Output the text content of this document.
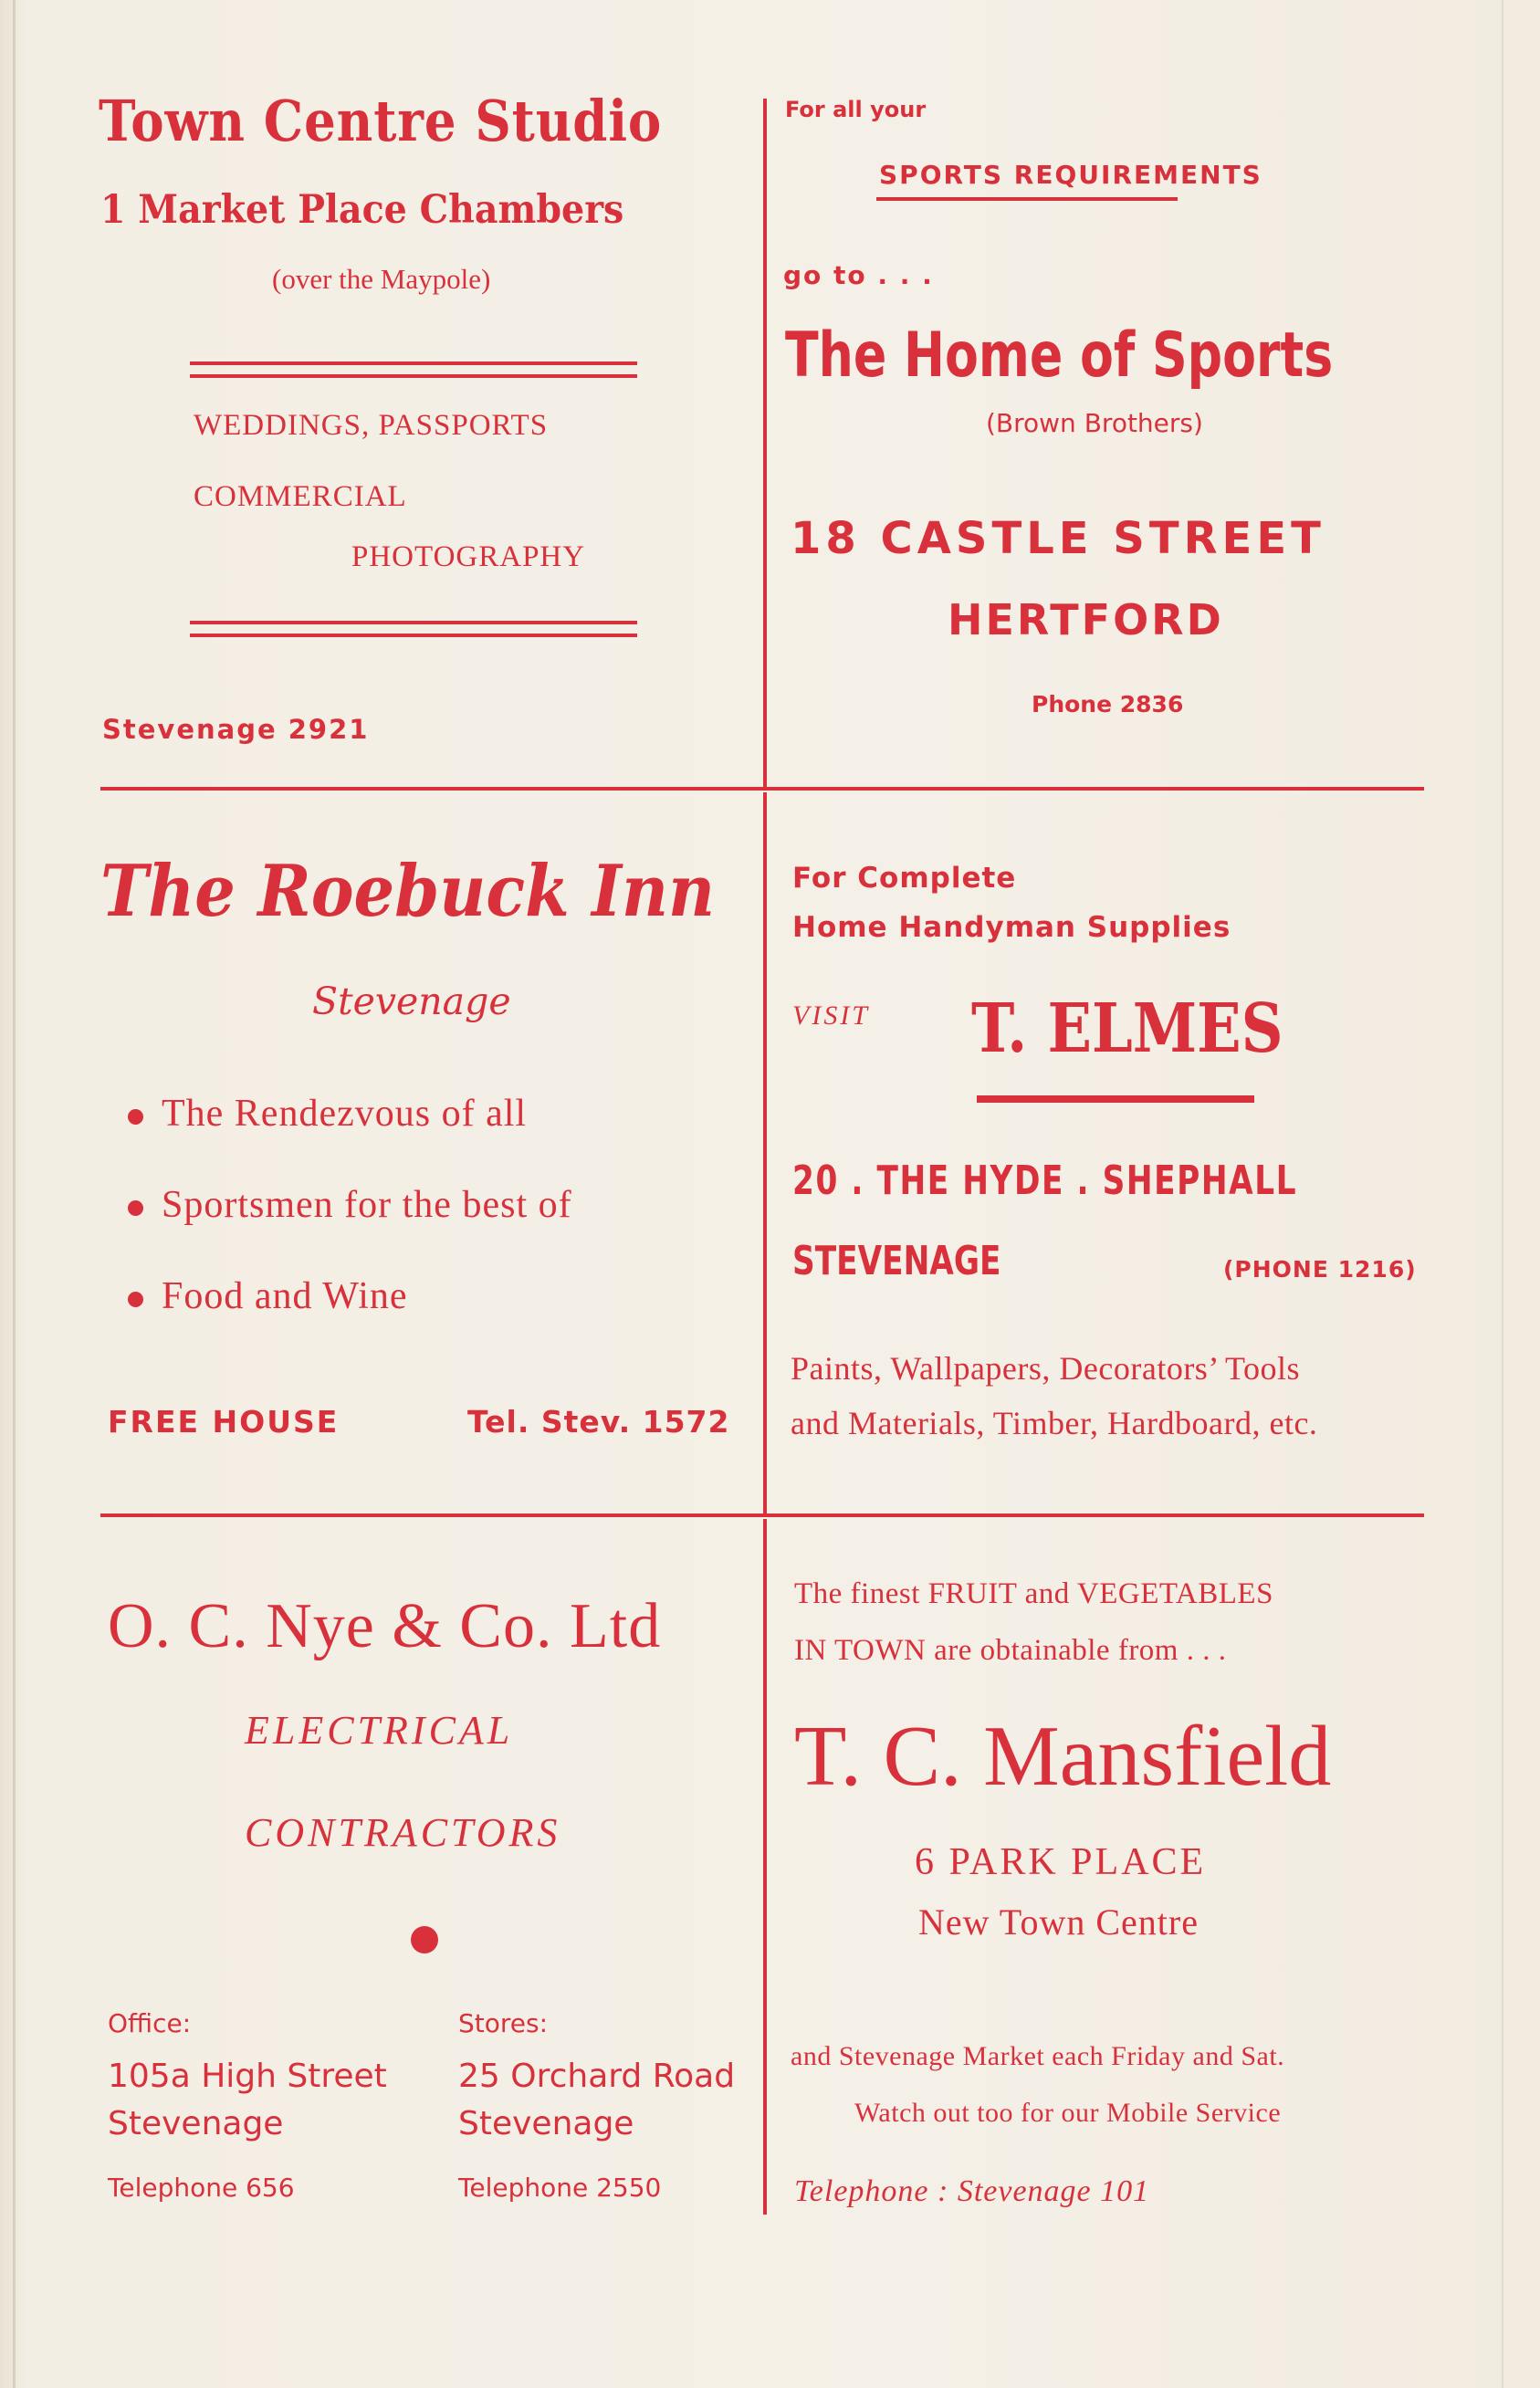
Town Centre Studio
1 Market Place Chambers
(over the Maypole)
WEDDINGS, PASSPORTS
COMMERCIAL
PHOTOGRAPHY
Stevenage 2921
For all your
SPORTS REQUIREMENTS
go to . . .
The Home of Sports
(Brown Brothers)
18 CASTLE STREET
HERTFORD
Phone 2836
The Roebuck Inn
Stevenage
The Rendezvous of all
Sportsmen for the best of
Food and Wine
FREE HOUSE	Tel. Stev. 1572
For Complete
Home Handyman Supplies
VISIT T. ELMES
20 . THE HYDE . SHEPHALL
STEVENAGE	(PHONE 1216)
Paints, Wallpapers, Decorators’ Tools
and Materials, Timber, Hardboard, etc.
O. C. Nye & Co. Ltd
ELECTRICAL
CONTRACTORS
Office:
105a High Street
Stevenage
Telephone 656
Stores:
25 Orchard Road
Stevenage
Telephone 2550
The finest FRUIT and VEGETABLES
IN TOWN are obtainable from . . .
T. C. Mansfield
6 PARK PLACE
New Town Centre
and Stevenage Market each Friday and Sat.
Watch out too for our Mobile Service
Telephone : Stevenage 101
